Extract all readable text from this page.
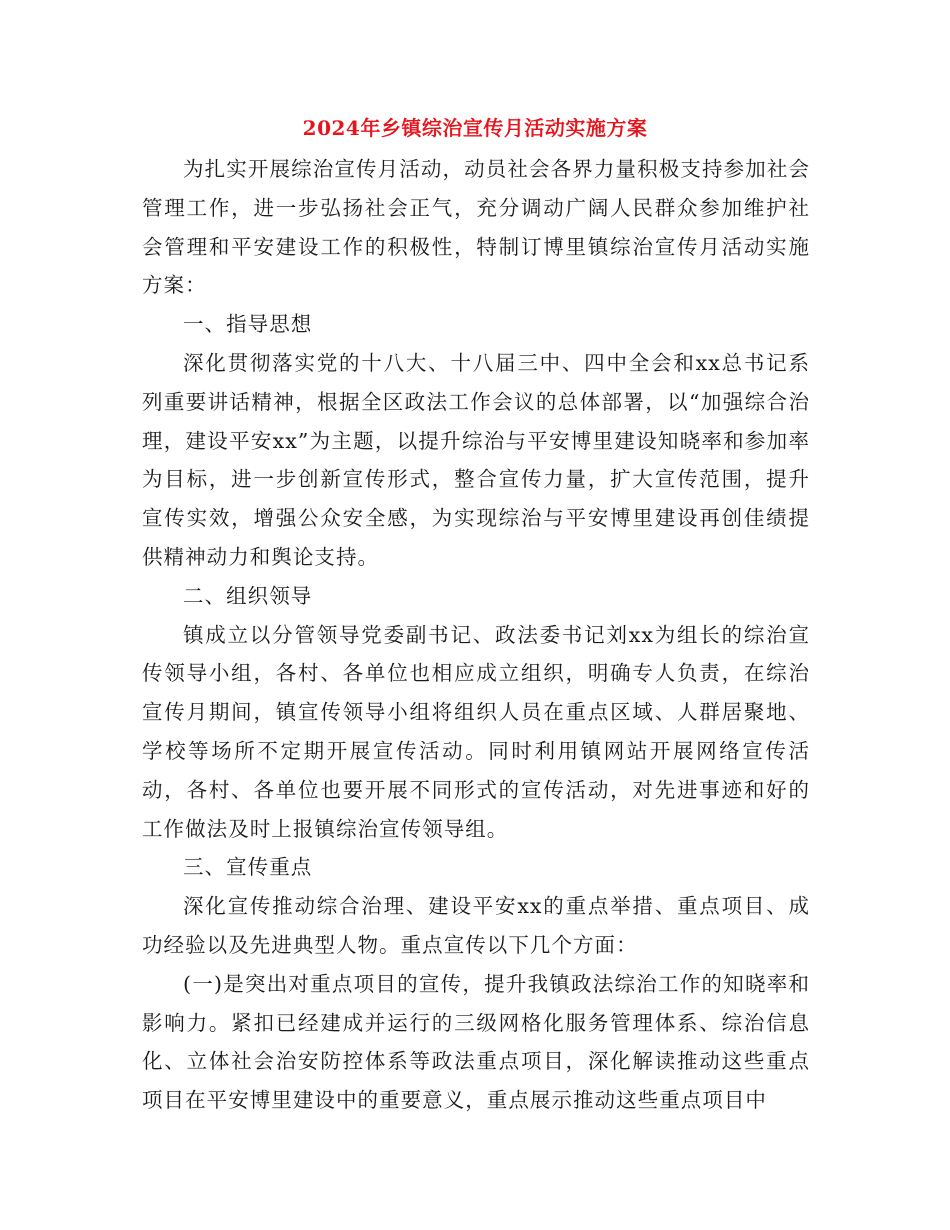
2024年乡镇综治宣传月活动实施方案

为扎实开展综治宣传月活动，动员社会各界力量积极支持参加社会管理工作，进一步弘扬社会正气，充分调动广阔人民群众参加维护社会管理和平安建设工作的积极性，特制订博里镇综治宣传月活动实施方案：

一、指导思想

深化贯彻落实党的十八大、十八届三中、四中全会和xx总书记系列重要讲话精神，根据全区政法工作会议的总体部署，以“加强综合治理，建设平安xx”为主题，以提升综治与平安博里建设知晓率和参加率为目标，进一步创新宣传形式，整合宣传力量，扩大宣传范围，提升宣传实效，增强公众安全感，为实现综治与平安博里建设再创佳绩提供精神动力和舆论支持。

二、组织领导

镇成立以分管领导党委副书记、政法委书记刘xx为组长的综治宣传领导小组，各村、各单位也相应成立组织，明确专人负责，在综治宣传月期间，镇宣传领导小组将组织人员在重点区域、人群居聚地、学校等场所不定期开展宣传活动。同时利用镇网站开展网络宣传活动，各村、各单位也要开展不同形式的宣传活动，对先进事迹和好的工作做法及时上报镇综治宣传领导组。

三、宣传重点

深化宣传推动综合治理、建设平安xx的重点举措、重点项目、成功经验以及先进典型人物。重点宣传以下几个方面：

(一)是突出对重点项目的宣传，提升我镇政法综治工作的知晓率和影响力。紧扣已经建成并运行的三级网格化服务管理体系、综治信息化、立体社会治安防控体系等政法重点项目，深化解读推动这些重点项目在平安博里建设中的重要意义，重点展示推动这些重点项目中
